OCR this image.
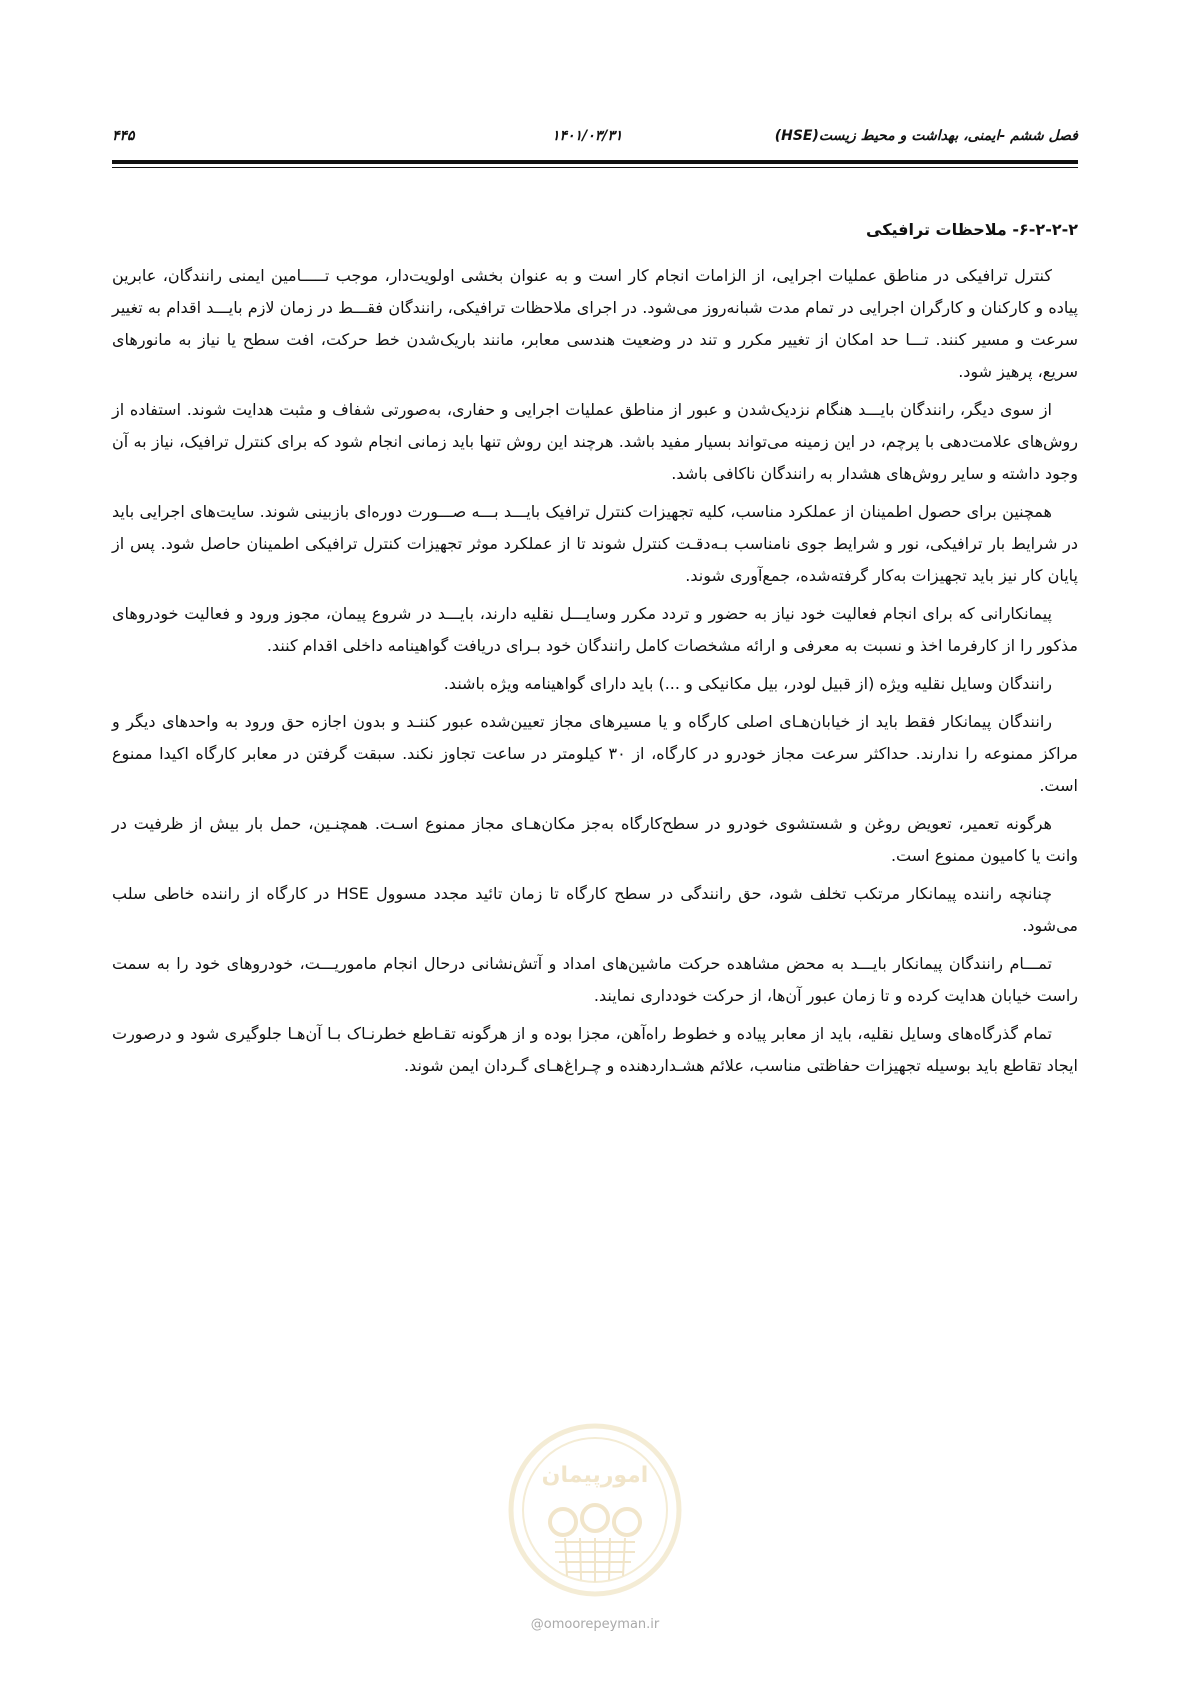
فصل ششم -ایمنی، بهداشت و محیط زیست(HSE)
۱۴۰۱/۰۳/۳۱
۴۴۵
۶-۲-۲-۲- ملاحظات ترافیکی

کنترل ترافیکی در مناطق عملیات اجرایی، از الزامات انجام کار است و به عنوان بخشی اولویت‌دار، موجب تـــــامین ایمنی رانندگان، عابرین پیاده و کارکنان و کارگران اجرایی در تمام مدت شبانه‌روز می‌شود. در اجرای ملاحظات ترافیکی، رانندگان فقـــط در زمان لازم بایـــد اقدام به تغییر سرعت و مسیر کنند. تـــا حد امکان از تغییر مکرر و تند در وضعیت هندسی معابر، مانند باریک‌شدن خط حرکت، افت سطح یا نیاز به مانورهای سریع، پرهیز شود.

از سوی دیگر، رانندگان بایـــد هنگام نزدیک‌شدن و عبور از مناطق عملیات اجرایی و حفاری، به‌صورتی شفاف و مثبت هدایت شوند. استفاده از روش‌های علامت‌دهی با پرچم، در این زمینه می‌تواند بسیار مفید باشد. هرچند این روش تنها باید زمانی انجام شود که برای کنترل ترافیک، نیاز به آن وجود داشته و سایر روش‌های هشدار به رانندگان ناکافی باشد.

همچنین برای حصول اطمینان از عملکرد مناسب، کلیه تجهیزات کنترل ترافیک بایـــد بـــه صـــورت دوره‌ای بازبینی شوند. سایت‌های اجرایی باید در شرایط بار ترافیکی، نور و شرایط جوی نامناسب بـه‌دقـت کنترل شوند تا از عملکرد موثر تجهیزات کنترل ترافیکی اطمینان حاصل شود. پس از پایان کار نیز باید تجهیزات به‌کار گرفته‌شده، جمع‌آوری شوند.

پیمانکارانی که برای انجام فعالیت خود نیاز به حضور و تردد مکرر وسایـــل نقلیه دارند، بایـــد در شروع پیمان، مجوز ورود و فعالیت خودروهای مذکور را از کارفرما اخذ و نسبت به معرفی و ارائه مشخصات کامل رانندگان خود بـرای دریافت گواهینامه داخلی اقدام کنند.

رانندگان وسایل نقلیه ویژه (از قبیل لودر، بیل مکانیکی و ...) باید دارای گواهینامه ویژه باشند.

رانندگان پیمانکار فقط باید از خیابان‌هـای اصلی کارگاه و یا مسیرهای مجاز تعیین‌شده عبور کننـد و بدون اجازه حق ورود به واحدهای دیگر و مراکز ممنوعه را ندارند. حداکثر سرعت مجاز خودرو در کارگاه، از ۳۰ کیلومتر در ساعت تجاوز نکند. سبقت گرفتن در معابر کارگاه اکیدا ممنوع است.

هرگونه تعمیر، تعویض روغن و شستشوی خودرو در سطح‌کارگاه به‌جز مکان‌هـای مجاز ممنوع اسـت. همچنـین، حمل بار بیش از ظرفیت در وانت یا کامیون ممنوع است.

چنانچه راننده پیمانکار مرتکب تخلف شود، حق رانندگی در سطح کارگاه تا زمان تائید مجدد مسوول HSE در کارگاه از راننده خاطی سلب می‌شود.

تمـــام رانندگان پیمانکار بایـــد به محض مشاهده حرکت ماشین‌های امداد و آتش‌نشانی درحال انجام ماموریـــت، خودروهای خود را به سمت راست خیابان هدایت کرده و تا زمان عبور آن‌ها، از حرکت خودداری نمایند.

تمام گذرگاه‌های وسایل نقلیه، باید از معابر پیاده و خطوط راه‌آهن، مجزا بوده و از هرگونه تقـاطع خطرنـاک بـا آن‌هـا جلوگیری شود و درصورت ایجاد تقاطع باید بوسیله تجهیزات حفاظتی مناسب، علائم هشـداردهنده و چـراغ‌هـای گـردان ایمن شوند.

امورپیمان
@omoorepeyman.ir
